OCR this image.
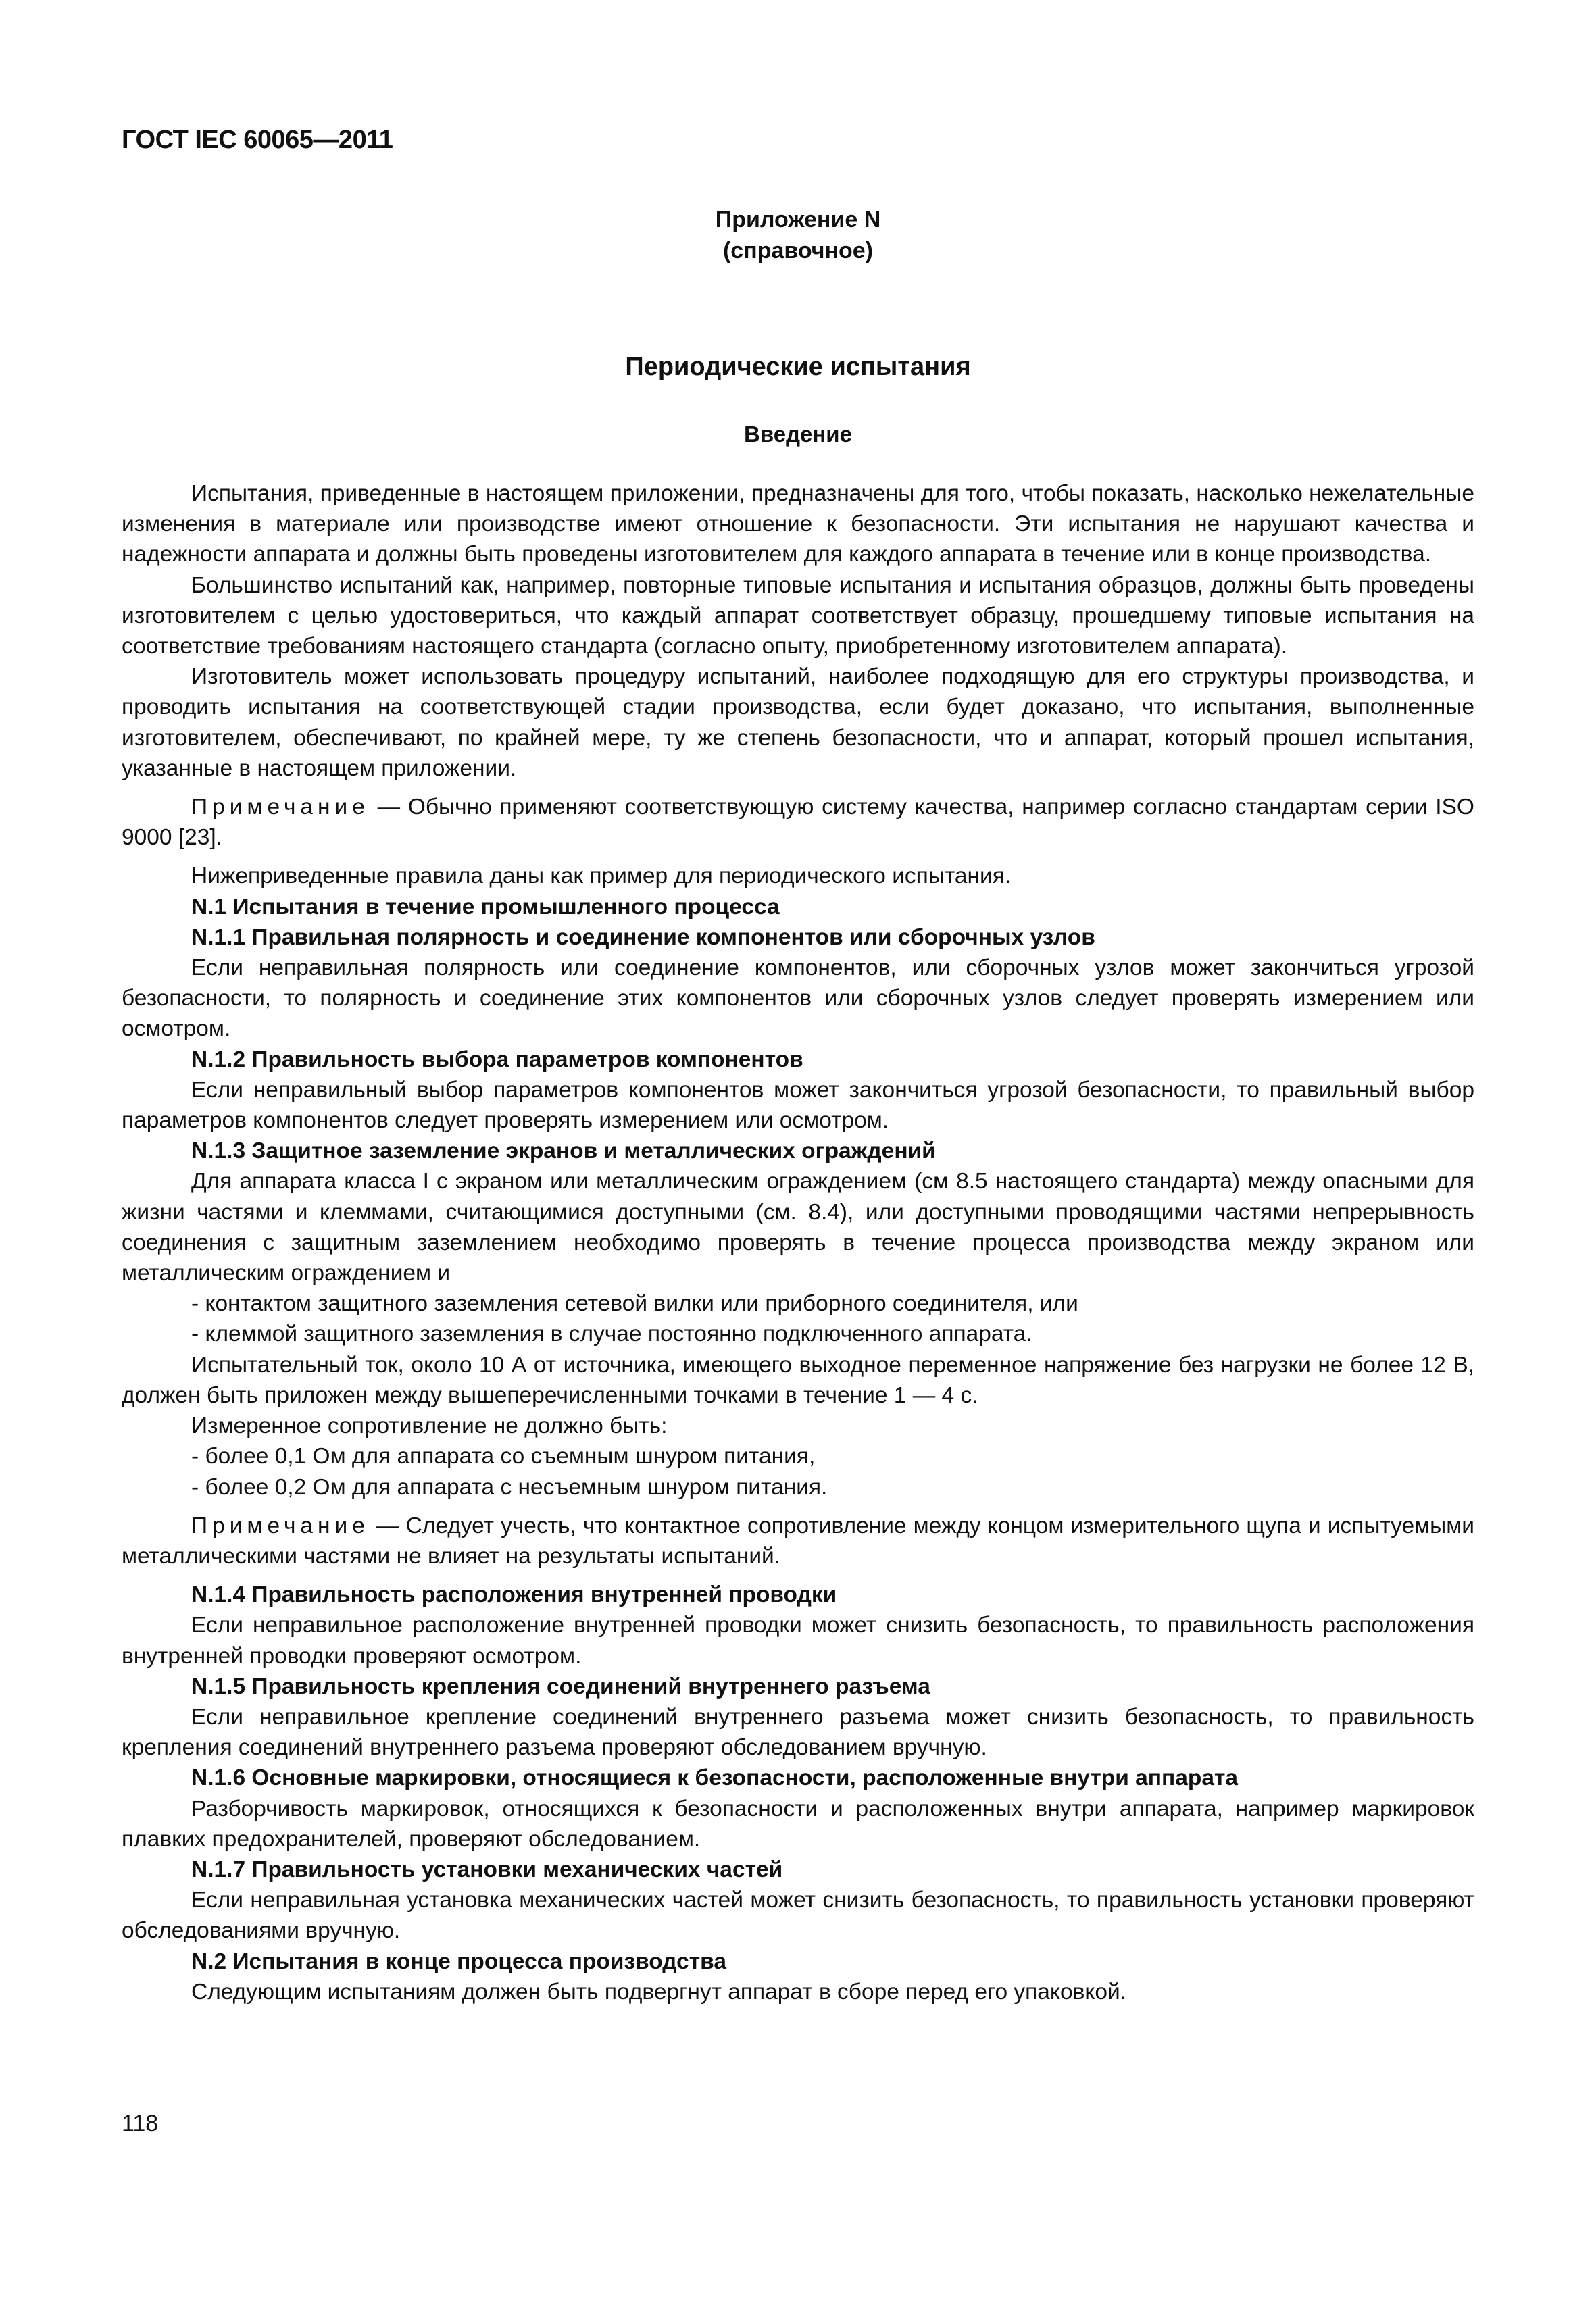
ГОСТ IEC 60065—2011
Приложение N
(справочное)
Периодические испытания
Введение

Испытания, приведенные в настоящем приложении, предназначены для того, чтобы показать, насколько нежелательные изменения в материале или производстве имеют отношение к безопасности. Эти испытания не нарушают качества и надежности аппарата и должны быть проведены изготовителем для каждого аппарата в течение или в конце производства.

Большинство испытаний как, например, повторные типовые испытания и испытания образцов, должны быть проведены изготовителем с целью удостовериться, что каждый аппарат соответствует образцу, прошедшему типовые испытания на соответствие требованиям настоящего стандарта (согласно опыту, приобретенному изготовителем аппарата).

Изготовитель может использовать процедуру испытаний, наиболее подходящую для его структуры производства, и проводить испытания на соответствующей стадии производства, если будет доказано, что испытания, выполненные изготовителем, обеспечивают, по крайней мере, ту же степень безопасности, что и аппарат, который прошел испытания, указанные в настоящем приложении.

Примечание — Обычно применяют соответствующую систему качества, например согласно стандартам серии ISO 9000 [23].

Нижеприведенные правила даны как пример для периодического испытания.

N.1 Испытания в течение промышленного процесса

N.1.1 Правильная полярность и соединение компонентов или сборочных узлов

Если неправильная полярность или соединение компонентов, или сборочных узлов может закончиться угрозой безопасности, то полярность и соединение этих компонентов или сборочных узлов следует проверять измерением или осмотром.

N.1.2 Правильность выбора параметров компонентов

Если неправильный выбор параметров компонентов может закончиться угрозой безопасности, то правильный выбор параметров компонентов следует проверять измерением или осмотром.

N.1.3 Защитное заземление экранов и металлических ограждений

Для аппарата класса I с экраном или металлическим ограждением (см 8.5 настоящего стандарта) между опасными для жизни частями и клеммами, считающимися доступными (см. 8.4), или доступными проводящими частями непрерывность соединения с защитным заземлением необходимо проверять в течение процесса производства между экраном или металлическим ограждением и

- контактом защитного заземления сетевой вилки или приборного соединителя, или

- клеммой защитного заземления в случае постоянно подключенного аппарата.

Испытательный ток, около 10 А от источника, имеющего выходное переменное напряжение без нагрузки не более 12 В, должен быть приложен между вышеперечисленными точками в течение 1 — 4 с.

Измеренное сопротивление не должно быть:

- более 0,1 Ом для аппарата со съемным шнуром питания,

- более 0,2 Ом для аппарата с несъемным шнуром питания.

Примечание — Следует учесть, что контактное сопротивление между концом измерительного щупа и испытуемыми металлическими частями не влияет на результаты испытаний.

N.1.4 Правильность расположения внутренней проводки

Если неправильное расположение внутренней проводки может снизить безопасность, то правильность расположения внутренней проводки проверяют осмотром.

N.1.5 Правильность крепления соединений внутреннего разъема

Если неправильное крепление соединений внутреннего разъема может снизить безопасность, то правильность крепления соединений внутреннего разъема проверяют обследованием вручную.

N.1.6 Основные маркировки, относящиеся к безопасности, расположенные внутри аппарата

Разборчивость маркировок, относящихся к безопасности и расположенных внутри аппарата, например маркировок плавких предохранителей, проверяют обследованием.

N.1.7 Правильность установки механических частей

Если неправильная установка механических частей может снизить безопасность, то правильность установки проверяют обследованиями вручную.

N.2 Испытания в конце процесса производства

Следующим испытаниям должен быть подвергнут аппарат в сборе перед его упаковкой.

118
